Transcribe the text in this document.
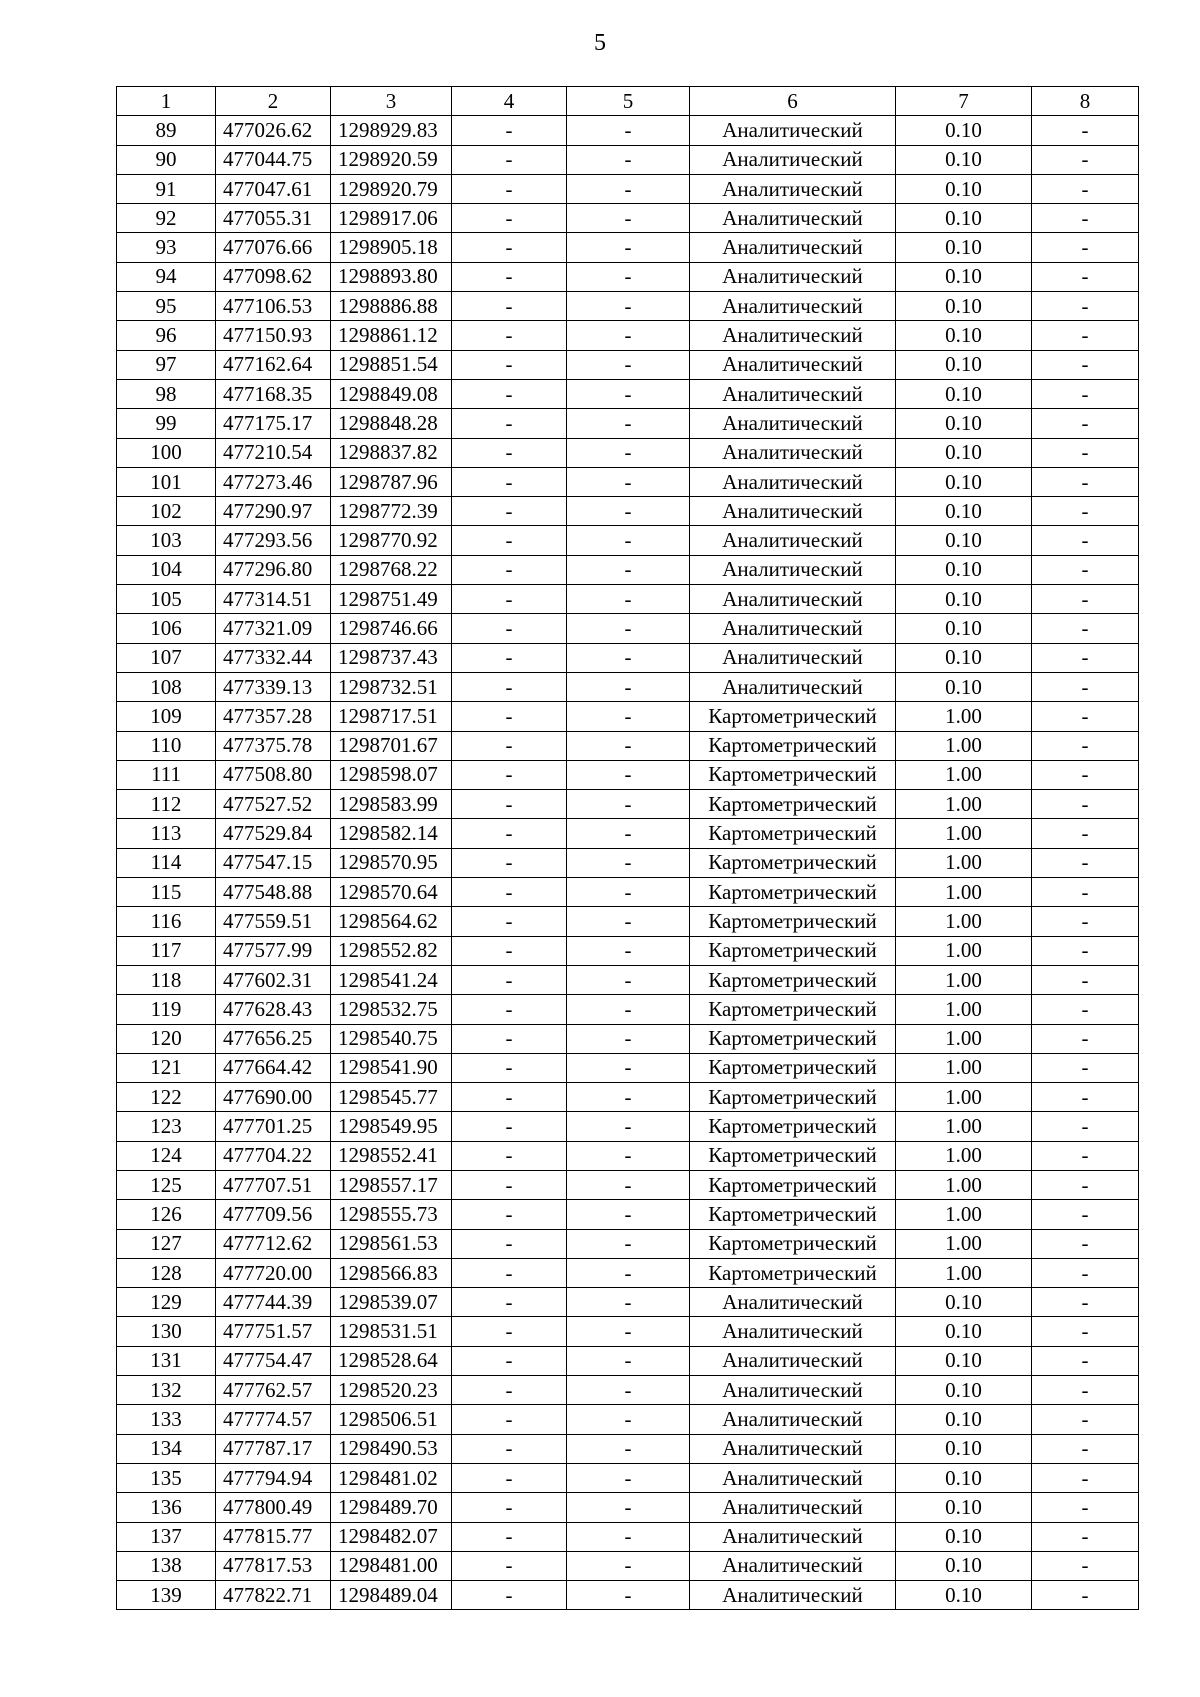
5
1	2	3	4	5	6	7	8
89	477026.62	1298929.83	-	-	Аналитический	0.10	-
90	477044.75	1298920.59	-	-	Аналитический	0.10	-
91	477047.61	1298920.79	-	-	Аналитический	0.10	-
92	477055.31	1298917.06	-	-	Аналитический	0.10	-
93	477076.66	1298905.18	-	-	Аналитический	0.10	-
94	477098.62	1298893.80	-	-	Аналитический	0.10	-
95	477106.53	1298886.88	-	-	Аналитический	0.10	-
96	477150.93	1298861.12	-	-	Аналитический	0.10	-
97	477162.64	1298851.54	-	-	Аналитический	0.10	-
98	477168.35	1298849.08	-	-	Аналитический	0.10	-
99	477175.17	1298848.28	-	-	Аналитический	0.10	-
100	477210.54	1298837.82	-	-	Аналитический	0.10	-
101	477273.46	1298787.96	-	-	Аналитический	0.10	-
102	477290.97	1298772.39	-	-	Аналитический	0.10	-
103	477293.56	1298770.92	-	-	Аналитический	0.10	-
104	477296.80	1298768.22	-	-	Аналитический	0.10	-
105	477314.51	1298751.49	-	-	Аналитический	0.10	-
106	477321.09	1298746.66	-	-	Аналитический	0.10	-
107	477332.44	1298737.43	-	-	Аналитический	0.10	-
108	477339.13	1298732.51	-	-	Аналитический	0.10	-
109	477357.28	1298717.51	-	-	Картометрический	1.00	-
110	477375.78	1298701.67	-	-	Картометрический	1.00	-
111	477508.80	1298598.07	-	-	Картометрический	1.00	-
112	477527.52	1298583.99	-	-	Картометрический	1.00	-
113	477529.84	1298582.14	-	-	Картометрический	1.00	-
114	477547.15	1298570.95	-	-	Картометрический	1.00	-
115	477548.88	1298570.64	-	-	Картометрический	1.00	-
116	477559.51	1298564.62	-	-	Картометрический	1.00	-
117	477577.99	1298552.82	-	-	Картометрический	1.00	-
118	477602.31	1298541.24	-	-	Картометрический	1.00	-
119	477628.43	1298532.75	-	-	Картометрический	1.00	-
120	477656.25	1298540.75	-	-	Картометрический	1.00	-
121	477664.42	1298541.90	-	-	Картометрический	1.00	-
122	477690.00	1298545.77	-	-	Картометрический	1.00	-
123	477701.25	1298549.95	-	-	Картометрический	1.00	-
124	477704.22	1298552.41	-	-	Картометрический	1.00	-
125	477707.51	1298557.17	-	-	Картометрический	1.00	-
126	477709.56	1298555.73	-	-	Картометрический	1.00	-
127	477712.62	1298561.53	-	-	Картометрический	1.00	-
128	477720.00	1298566.83	-	-	Картометрический	1.00	-
129	477744.39	1298539.07	-	-	Аналитический	0.10	-
130	477751.57	1298531.51	-	-	Аналитический	0.10	-
131	477754.47	1298528.64	-	-	Аналитический	0.10	-
132	477762.57	1298520.23	-	-	Аналитический	0.10	-
133	477774.57	1298506.51	-	-	Аналитический	0.10	-
134	477787.17	1298490.53	-	-	Аналитический	0.10	-
135	477794.94	1298481.02	-	-	Аналитический	0.10	-
136	477800.49	1298489.70	-	-	Аналитический	0.10	-
137	477815.77	1298482.07	-	-	Аналитический	0.10	-
138	477817.53	1298481.00	-	-	Аналитический	0.10	-
139	477822.71	1298489.04	-	-	Аналитический	0.10	-
